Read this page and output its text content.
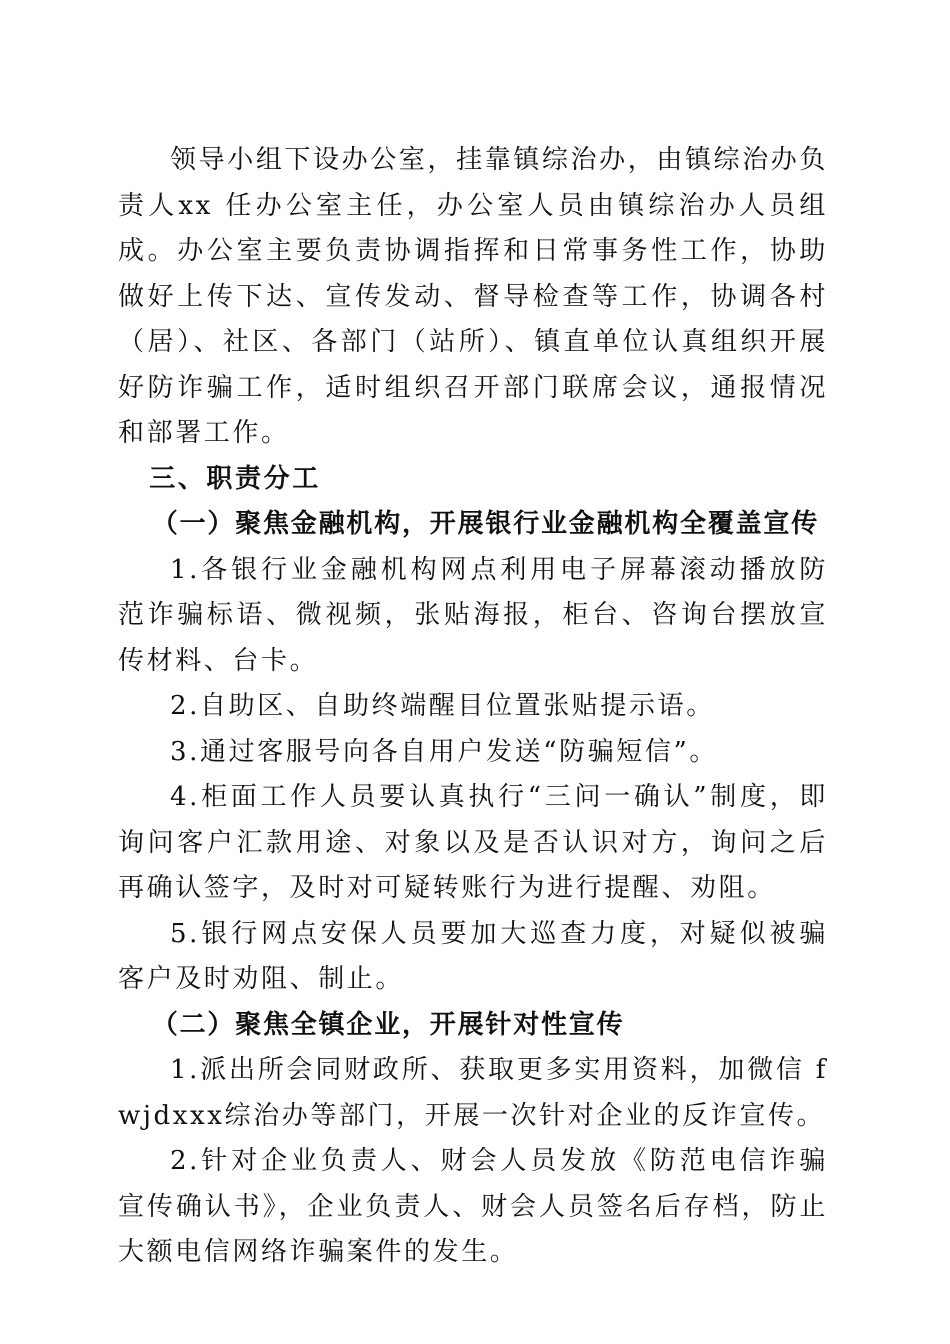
领导小组下设办公室，挂靠镇综治办，由镇综治办负责人xx 任办公室主任，办公室人员由镇综治办人员组成。办公室主要负责协调指挥和日常事务性工作，协助做好上传下达、宣传发动、督导检查等工作，协调各村（居）、社区、各部门（站所）、镇直单位认真组织开展好防诈骗工作，适时组织召开部门联席会议，通报情况和部署工作。

三、职责分工

（一）聚焦金融机构，开展银行业金融机构全覆盖宣传

1.各银行业金融机构网点利用电子屏幕滚动播放防范诈骗标语、微视频，张贴海报，柜台、咨询台摆放宣传材料、台卡。

2.自助区、自助终端醒目位置张贴提示语。

3.通过客服号向各自用户发送“防骗短信”。

4.柜面工作人员要认真执行“三问一确认”制度，即询问客户汇款用途、对象以及是否认识对方，询问之后再确认签字，及时对可疑转账行为进行提醒、劝阻。

5.银行网点安保人员要加大巡查力度，对疑似被骗客户及时劝阻、制止。

（二）聚焦全镇企业，开展针对性宣传

1.派出所会同财政所、获取更多实用资料，加微信 fwjdxxx综治办等部门，开展一次针对企业的反诈宣传。

2.针对企业负责人、财会人员发放《防范电信诈骗宣传确认书》，企业负责人、财会人员签名后存档，防止大额电信网络诈骗案件的发生。
